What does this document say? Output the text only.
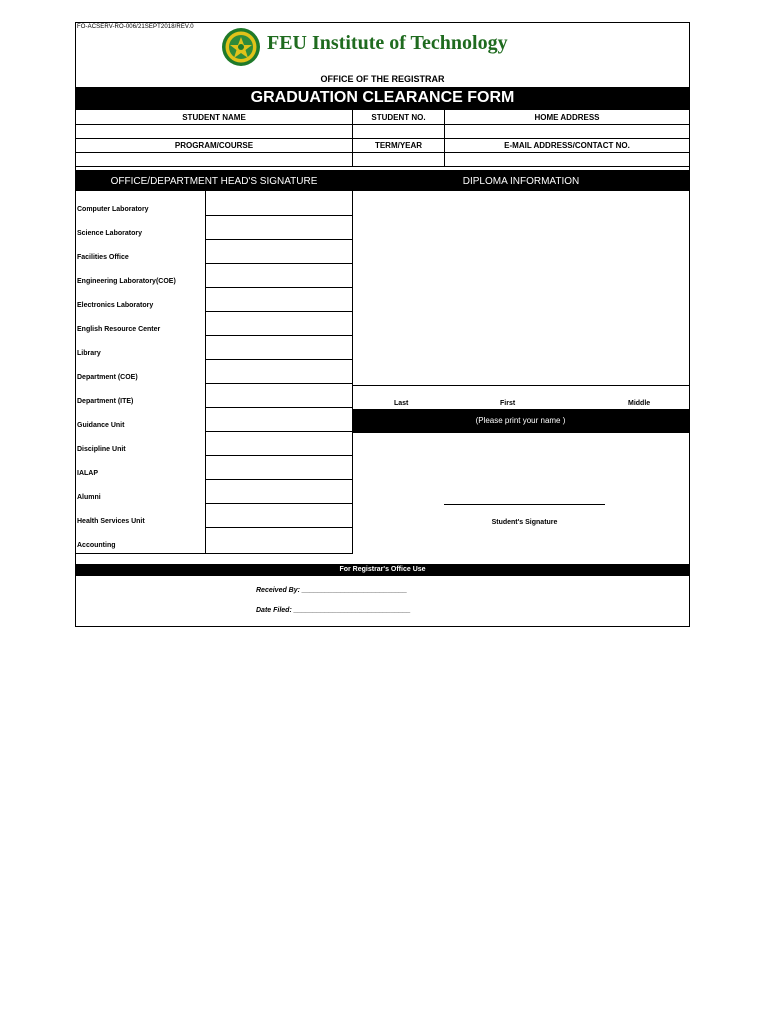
FO-ACSERV-RO-006/21SEPT2018/REV.0
FEU Institute of Technology
OFFICE OF THE REGISTRAR
GRADUATION CLEARANCE FORM
STUDENT NAME	STUDENT NO.	HOME ADDRESS
PROGRAM/COURSE	TERM/YEAR	E-MAIL ADDRESS/CONTACT NO.
OFFICE/DEPARTMENT HEAD'S SIGNATURE	DIPLOMA INFORMATION
Computer Laboratory
Science Laboratory
Facilities Office
Engineering Laboratory(COE)
Electronics Laboratory
English Resource Center
Library
Department (COE)
Department (ITE)
Guidance Unit
Discipline Unit
IALAP
Alumni
Health Services Unit
Accounting
Last	First	Middle
(Please print your name )
Student's Signature
For Registrar's Office Use
Received By: ___________________________
Date Filed: ______________________________
